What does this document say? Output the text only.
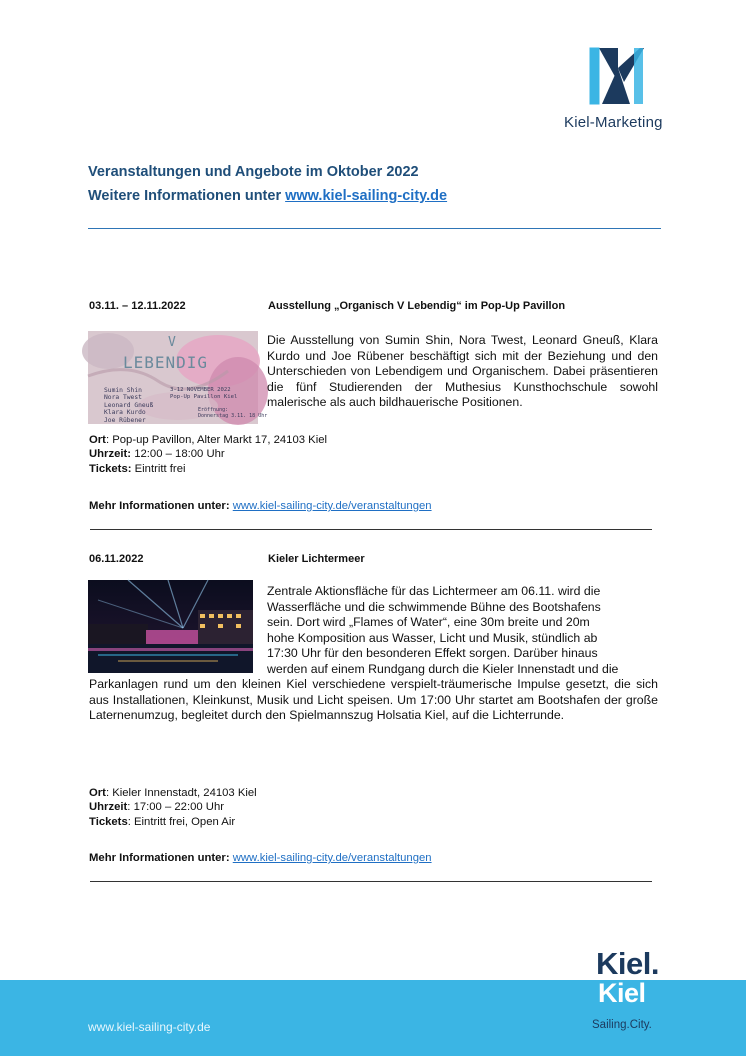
Kiel-Marketing
Veranstaltungen und Angebote im Oktober 2022
Weitere Informationen unter www.kiel-sailing-city.de
03.11. – 12.11.2022	Ausstellung „Organisch V Lebendig“ im Pop-Up Pavillon
V
LEBENDIG
Sumin Shin
Nora Twest
Leonard Gneuß
Klara Kurdo
Joe Rübener
3-12 NOVEMBER 2022
Pop-Up Pavillon Kiel
Eröffnung:
Donnerstag 3.11. 18 Uhr
Die Ausstellung von Sumin Shin, Nora Twest, Leonard Gneuß, Klara Kurdo und Joe Rübener beschäftigt sich mit der Beziehung und den Unterschieden von Lebendigem und Organischem. Dabei präsentieren die fünf Studierenden der Muthesius Kunsthochschule sowohl malerische als auch bildhauerische Positionen.
Ort: Pop-up Pavillon, Alter Markt 17, 24103 Kiel
Uhrzeit: 12:00 – 18:00 Uhr
Tickets: Eintritt frei
Mehr Informationen unter: www.kiel-sailing-city.de/veranstaltungen
06.11.2022	Kieler Lichtermeer
Zentrale Aktionsfläche für das Lichtermeer am 06.11. wird die
Wasserfläche und die schwimmende Bühne des Bootshafens
sein. Dort wird „Flames of Water“, eine 30m breite und 20m
hohe Komposition aus Wasser, Licht und Musik, stündlich ab
17:30 Uhr für den besonderen Effekt sorgen. Darüber hinaus
werden auf einem Rundgang durch die Kieler Innenstadt und die
Parkanlagen rund um den kleinen Kiel verschiedene verspielt-träumerische Impulse gesetzt, die sich aus Installationen, Kleinkunst, Musik und Licht speisen. Um 17:00 Uhr startet am Bootshafen der große Laternenumzug, begleitet durch den Spielmannszug Holsatia Kiel, auf die Lichterrunde.
Ort: Kieler Innenstadt, 24103 Kiel
Uhrzeit: 17:00 – 22:00 Uhr
Tickets: Eintritt frei, Open Air
Mehr Informationen unter: www.kiel-sailing-city.de/veranstaltungen
www.kiel-sailing-city.de
Kiel.
Kiel
Sailing.City.
